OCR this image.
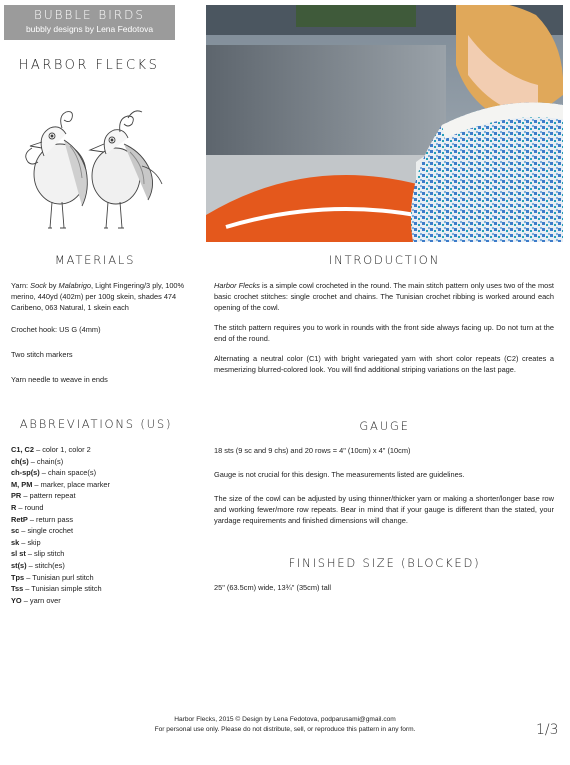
BUBBLE BIRDS
bubbly designs by Lena Fedotova
HARBOR FLECKS
MATERIALS

Yarn: Sock by Malabrigo, Light Fingering/3 ply, 100% merino, 440yd (402m) per 100g skein, shades 474 Caribeno, 063 Natural, 1 skein each

Crochet hook: US G (4mm)

Two stitch markers

Yarn needle to weave in ends

ABBREVIATIONS (US)
C1, C2 – color 1, color 2
ch(s) – chain(s)
ch-sp(s) – chain space(s)
M, PM – marker, place marker
PR – pattern repeat
R – round
RetP – return pass
sc – single crochet
sk – skip
sl st – slip stitch
st(s) – stitch(es)
Tps – Tunisian purl stitch
Tss – Tunisian simple stitch
YO – yarn over
INTRODUCTION

Harbor Flecks is a simple cowl crocheted in the round. The main stitch pattern only uses two of the most basic crochet stitches: single crochet and chains. The Tunisian crochet ribbing is worked around each opening of the cowl.

The stitch pattern requires you to work in rounds with the front side always facing up. Do not turn at the end of the round.

Alternating a neutral color (C1) with bright variegated yarn with short color repeats (C2) creates a mesmerizing blurred-colored look. You will find additional striping variations on the last page.

GAUGE

18 sts (9 sc and 9 chs) and 20 rows = 4" (10cm) x 4" (10cm)

Gauge is not crucial for this design. The measurements listed are guidelines.

The size of the cowl can be adjusted by using thinner/thicker yarn or making a shorter/longer base row and working fewer/more row repeats. Bear in mind that if your gauge is different than the stated, your yardage requirements and finished dimensions will change.

FINISHED SIZE (BLOCKED)
25" (63.5cm) wide, 13¾" (35cm) tall
Harbor Flecks, 2015 © Design by Lena Fedotova, podparusami@gmail.com
For personal use only. Please do not distribute, sell, or reproduce this pattern in any form.	1/3
